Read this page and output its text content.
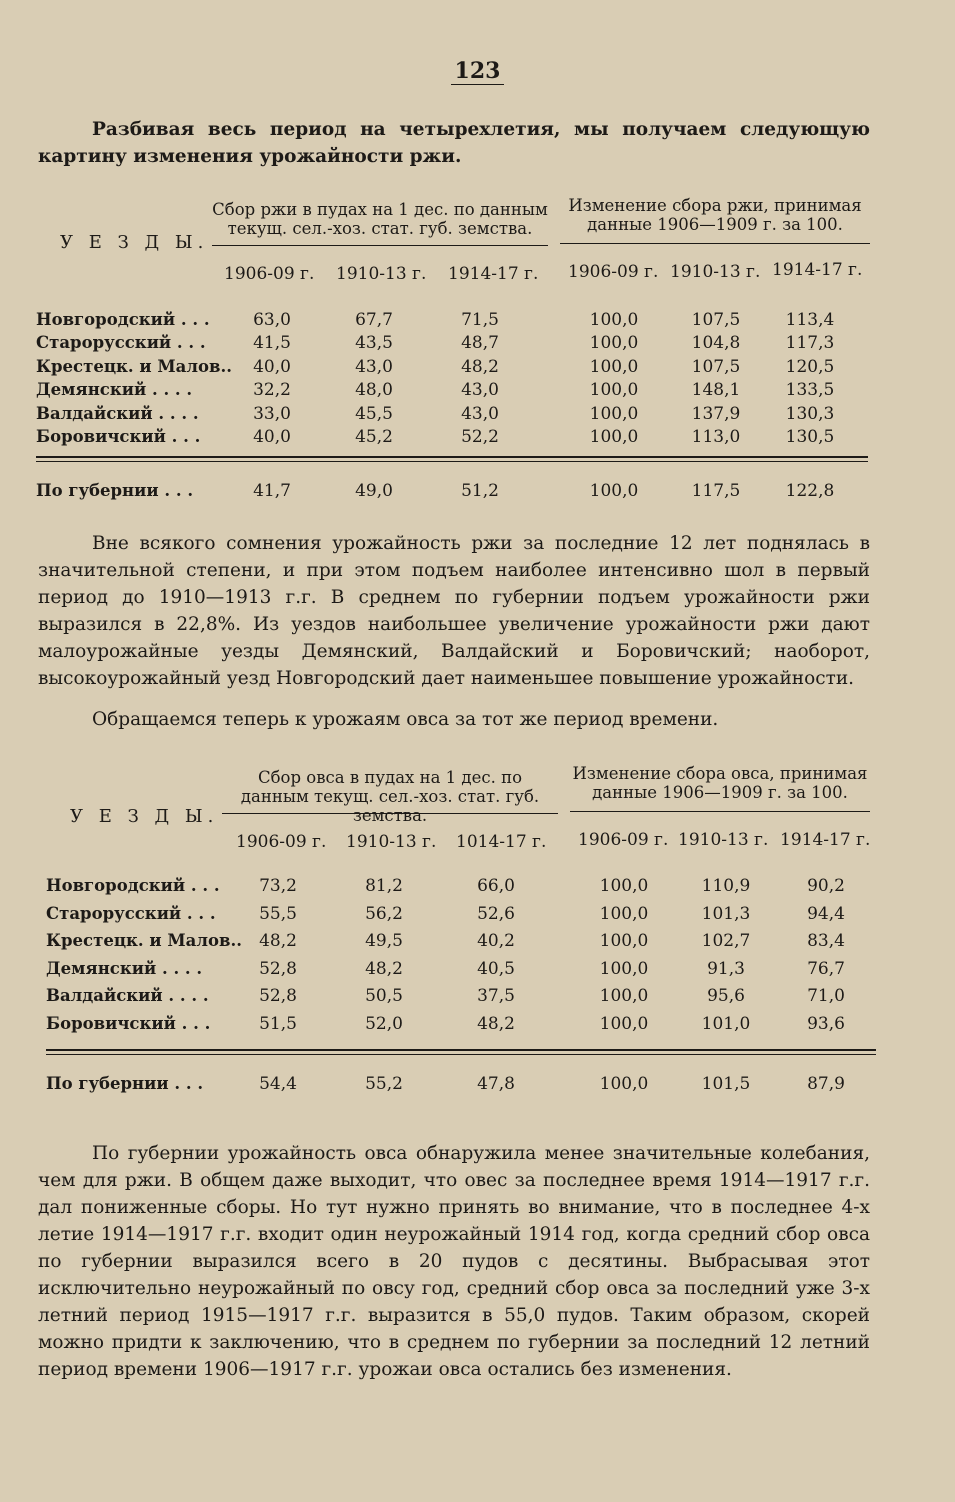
123

Разбивая весь период на четырехлетия, мы получаем следующую картину изменения урожайности ржи.

У Е З Д Ы.
Сбор ржи в пудах на 1 дес. по данным текущ. сел.-хоз. стат. губ. земства.
Изменение сбора ржи, принимая данные 1906—1909 г. за 100.
1906-09 г. 1910-13 г. 1914-17 г. 1906-09 г. 1910-13 г. 1914-17 г.
Новгородский . . .	63,0	67,7	71,5	100,0	107,5	113,4
Старорусский . . .	41,5	43,5	48,7	100,0	104,8	117,3
Крестецк. и Малов..	40,0	43,0	48,2	100,0	107,5	120,5
Демянский . . . .	32,2	48,0	43,0	100,0	148,1	133,5
Валдайский . . . .	33,0	45,5	43,0	100,0	137,9	130,3
Боровичский . . .	40,0	45,2	52,2	100,0	113,0	130,5
По губернии . . .	41,7	49,0	51,2	100,0	117,5	122,8

Вне всякого сомнения урожайность ржи за последние 12 лет поднялась в значительной степени, и при этом подъем наиболее интенсивно шол в первый период до 1910—1913 г.г. В среднем по губернии подъем урожайности ржи выразился в 22,8%. Из уездов наибольшее увеличение урожайности ржи дают малоурожайные уезды Демянский, Валдайский и Боровичский; наоборот, высокоурожайный уезд Новгородский дает наименьшее повышение урожайности.

Обращаемся теперь к урожаям овса за тот же период времени.

У Е З Д Ы.
Сбор овса в пудах на 1 дес. по данным текущ. сел.-хоз. стат. губ. земства.
Изменение сбора овса, принимая данные 1906—1909 г. за 100.
1906-09 г. 1910-13 г. 1014-17 г. 1906-09 г. 1910-13 г. 1914-17 г.
Новгородский . . .	73,2	81,2	66,0	100,0	110,9	90,2
Старорусский . . .	55,5	56,2	52,6	100,0	101,3	94,4
Крестецк. и Малов..	48,2	49,5	40,2	100,0	102,7	83,4
Демянский . . . .	52,8	48,2	40,5	100,0	91,3	76,7
Валдайский . . . .	52,8	50,5	37,5	100,0	95,6	71,0
Боровичский . . .	51,5	52,0	48,2	100,0	101,0	93,6
По губернии . . .	54,4	55,2	47,8	100,0	101,5	87,9

По губернии урожайность овса обнаружила менее значительные колебания, чем для ржи. В общем даже выходит, что овес за последнее время 1914—1917 г.г. дал пониженные сборы. Но тут нужно принять во внимание, что в последнее 4-х летие 1914—1917 г.г. входит один неурожайный 1914 год, когда средний сбор овса по губернии выразился всего в 20 пудов с десятины. Выбрасывая этот исключительно неурожайный по овсу год, средний сбор овса за последний уже 3-х летний период 1915—1917 г.г. выразится в 55,0 пудов. Таким образом, скорей можно придти к заключению, что в среднем по губернии за последний 12 летний период времени 1906—1917 г.г. урожаи овса остались без изменения.
